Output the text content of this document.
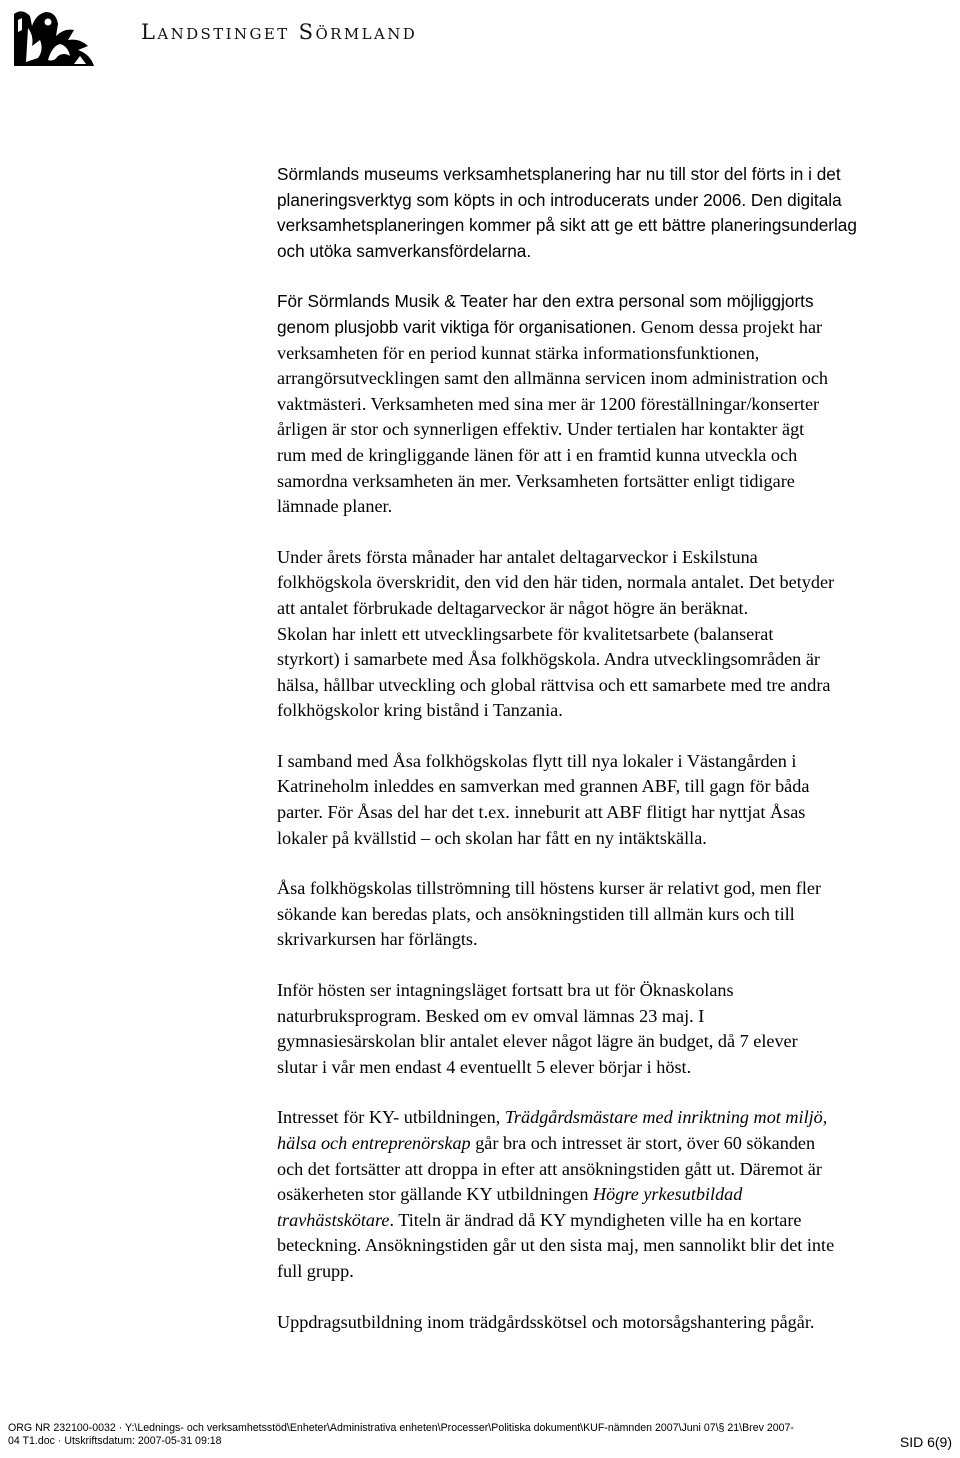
Landstinget Sörmland
Sörmlands museums verksamhetsplanering har nu till stor del förts in i det
planeringsverktyg som köpts in och introducerats under 2006. Den digitala
verksamhetsplaneringen kommer på sikt att ge ett bättre planeringsunderlag
och utöka samverkansfördelarna.
För Sörmlands Musik & Teater har den extra personal som möjliggjorts
genom plusjobb varit viktiga för organisationen. Genom dessa projekt har
verksamheten för en period kunnat stärka informationsfunktionen,
arrangörsutvecklingen samt den allmänna servicen inom administration och
vaktmästeri. Verksamheten med sina mer är 1200 föreställningar/konserter
årligen är stor och synnerligen effektiv. Under tertialen har kontakter ägt
rum med de kringliggande länen för att i en framtid kunna utveckla och
samordna verksamheten än mer. Verksamheten fortsätter enligt tidigare
lämnade planer.
Under årets första månader har antalet deltagarveckor i Eskilstuna
folkhögskola överskridit, den vid den här tiden, normala antalet. Det betyder
att antalet förbrukade deltagarveckor är något högre än beräknat.
Skolan har inlett ett utvecklingsarbete för kvalitetsarbete (balanserat
styrkort) i samarbete med Åsa folkhögskola. Andra utvecklingsområden är
hälsa, hållbar utveckling och global rättvisa och ett samarbete med tre andra
folkhögskolor kring bistånd i Tanzania.
I samband med Åsa folkhögskolas flytt till nya lokaler i Västangården i
Katrineholm inleddes en samverkan med grannen ABF, till gagn för båda
parter. För Åsas del har det t.ex. inneburit att ABF flitigt har nyttjat Åsas
lokaler på kvällstid – och skolan har fått en ny intäktskälla.
Åsa folkhögskolas tillströmning till höstens kurser är relativt god, men fler
sökande kan beredas plats, och ansökningstiden till allmän kurs och till
skrivarkursen har förlängts.
Inför hösten ser intagningsläget fortsatt bra ut för Öknaskolans
naturbruksprogram. Besked om ev omval lämnas 23 maj. I
gymnasiesärskolan blir antalet elever något lägre än budget, då 7 elever
slutar i vår men endast 4 eventuellt 5 elever börjar i höst.
Intresset för KY- utbildningen, Trädgårdsmästare med inriktning mot miljö,
hälsa och entreprenörskap går bra och intresset är stort, över 60 sökanden
och det fortsätter att droppa in efter att ansökningstiden gått ut. Däremot är
osäkerheten stor gällande KY utbildningen Högre yrkesutbildad
travhästskötare. Titeln är ändrad då KY myndigheten ville ha en kortare
beteckning. Ansökningstiden går ut den sista maj, men sannolikt blir det inte
full grupp.
Uppdragsutbildning inom trädgårdsskötsel och motorsågshantering pågår.
ORG NR 232100-0032 · Y:\Lednings- och verksamhetsstöd\Enheter\Administrativa enheten\Processer\Politiska dokument\KUF-nämnden 2007\Juni 07\§ 21\Brev 2007-
04 T1.doc · Utskriftsdatum: 2007-05-31 09:18	SID 6(9)
